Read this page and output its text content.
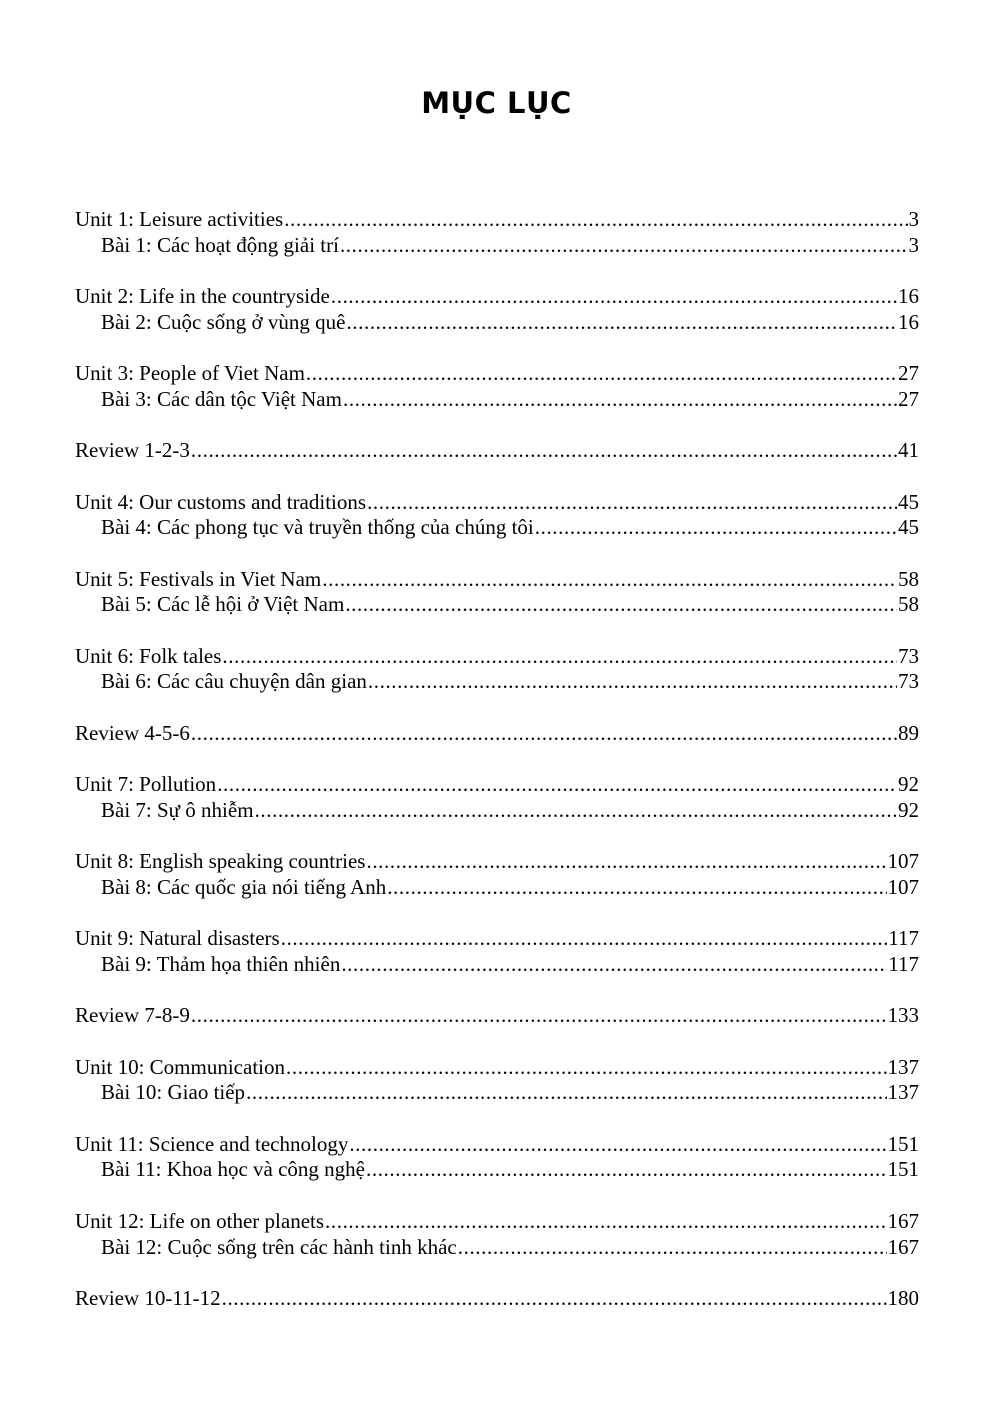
MỤC LỤC
Unit 1: Leisure activities .....	3
Bài 1: Các hoạt động giải trí .....	3
Unit 2: Life in the countryside .....	16
Bài 2: Cuộc sống ở vùng quê .....	16
Unit 3: People of Viet Nam .....	27
Bài 3: Các dân tộc Việt Nam .....	27
Review 1-2-3 .....	41
Unit 4: Our customs and traditions .....	45
Bài 4: Các phong tục và truyền thống của chúng tôi .....	45
Unit 5: Festivals in Viet Nam .....	58
Bài 5: Các lễ hội ở Việt Nam .....	58
Unit 6: Folk tales .....	73
Bài 6: Các câu chuyện dân gian .....	73
Review 4-5-6 .....	89
Unit 7: Pollution .....	92
Bài 7: Sự ô nhiễm .....	92
Unit 8: English speaking countries .....	107
Bài 8: Các quốc gia nói tiếng Anh .....	107
Unit 9: Natural disasters .....	117
Bài 9: Thảm họa thiên nhiên .....	117
Review 7-8-9 .....	133
Unit 10: Communication .....	137
Bài 10: Giao tiếp .....	137
Unit 11: Science and technology .....	151
Bài 11: Khoa học và công nghệ .....	151
Unit 12: Life on other planets .....	167
Bài 12: Cuộc sống trên các hành tinh khác .....	167
Review 10-11-12 .....	180
